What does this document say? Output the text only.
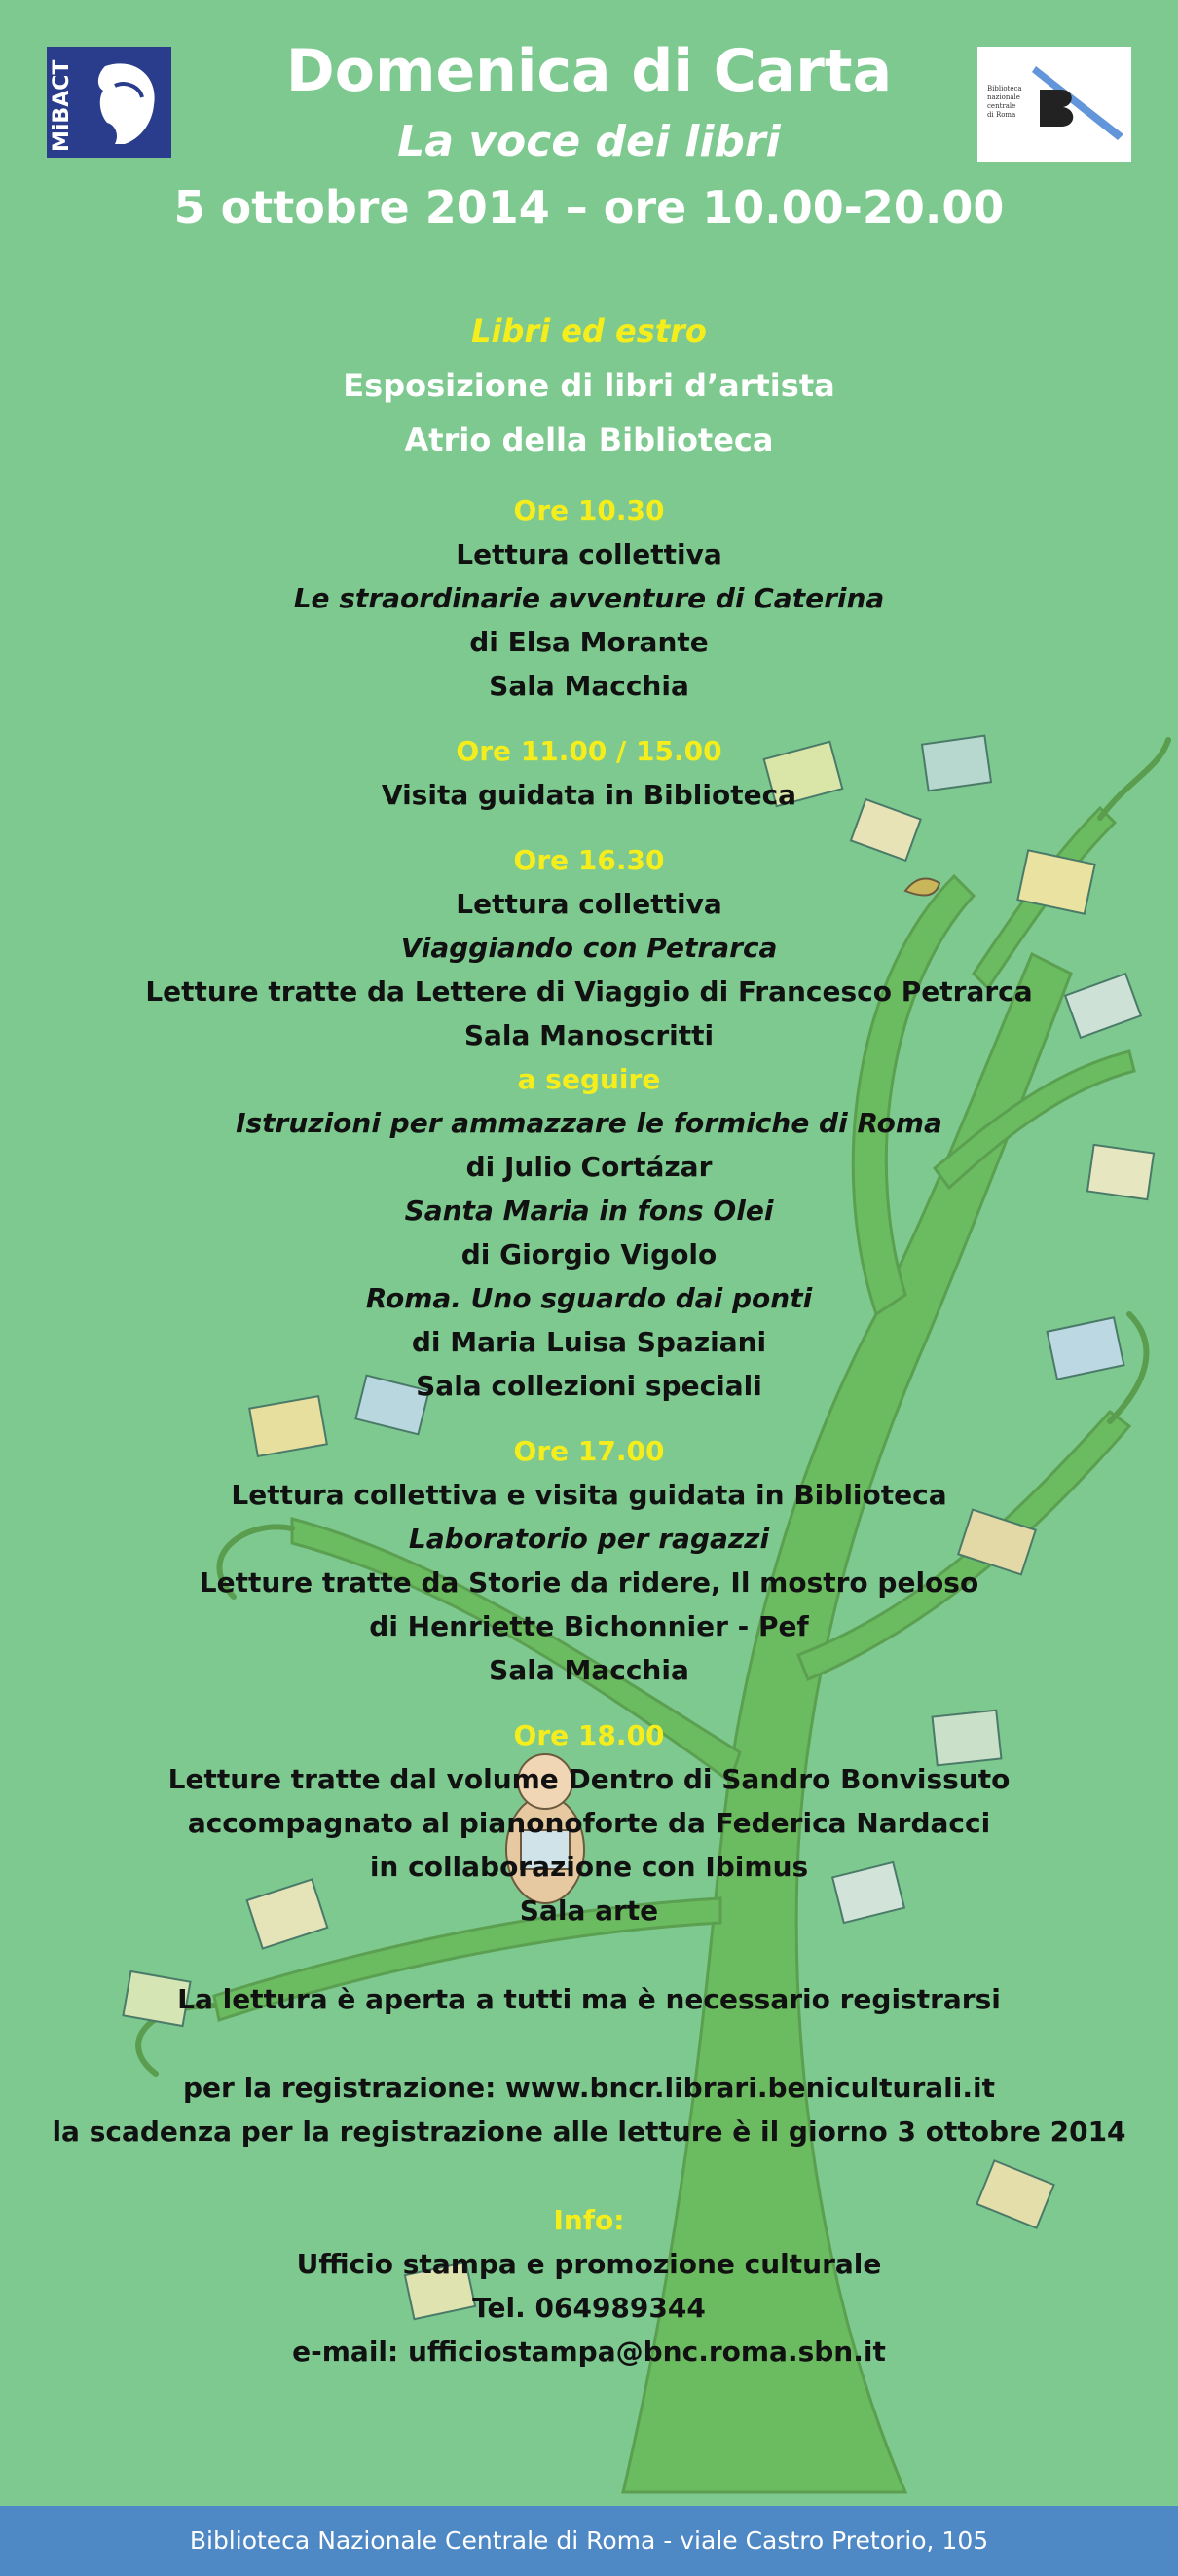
MiBACT	Biblioteca
nazionale
centrale
di Roma
Domenica di Carta
La voce dei libri
5 ottobre 2014 – ore 10.00-20.00
Libri ed estro
Esposizione di libri d’artista
Atrio della Biblioteca
Ore 10.30
Lettura collettiva
Le straordinarie avventure di Caterina
di Elsa Morante
Sala Macchia
Ore 11.00 / 15.00
Visita guidata in Biblioteca
Ore 16.30
Lettura collettiva
Viaggiando con Petrarca
Letture tratte da Lettere di Viaggio di Francesco Petrarca
Sala Manoscritti
a seguire
Istruzioni per ammazzare le formiche di Roma
di Julio Cortázar
Santa Maria in fons Olei
di Giorgio Vigolo
Roma. Uno sguardo dai ponti
di Maria Luisa Spaziani
Sala collezioni speciali
Ore 17.00
Lettura collettiva e visita guidata in Biblioteca
Laboratorio per ragazzi
Letture tratte da Storie da ridere, Il mostro peloso
di Henriette Bichonnier - Pef
Sala Macchia
Ore 18.00
Letture tratte dal volume Dentro di Sandro Bonvissuto
accompagnato al pianonoforte da Federica Nardacci
in collaborazione con Ibimus
Sala arte
La lettura è aperta a tutti ma è necessario registrarsi
per la registrazione: www.bncr.librari.beniculturali.it
la scadenza per la registrazione alle letture è il giorno 3 ottobre 2014
Info:
Ufficio stampa e promozione culturale
Tel. 064989344
e-mail: ufficiostampa@bnc.roma.sbn.it
Biblioteca Nazionale Centrale di Roma - viale Castro Pretorio, 105
